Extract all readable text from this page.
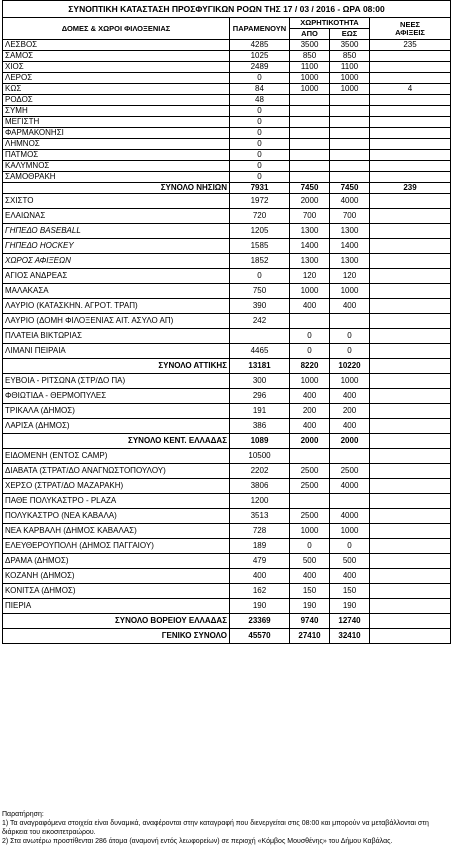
ΣΥΝΟΠΤΙΚΗ ΚΑΤΑΣΤΑΣΗ ΠΡΟΣΦΥΓΙΚΩΝ ΡΟΩΝ ΤΗΣ 17 / 03 / 2016 - ΩΡΑ 08:00				
ΔΟΜΕΣ & ΧΩΡΟΙ ΦΙΛΟΞΕΝΙΑΣ	ΠΑΡΑΜΕΝΟΥΝ	ΧΩΡΗΤΙΚΟΤΗΤΑ		ΝΕΕΣ
ΑΦΙΞΕΙΣ
		ΑΠΟ	ΕΩΣ	
ΛΕΣΒΟΣ	4285	3500	3500	235
ΣΑΜΟΣ	1025	850	850	
ΧΙΟΣ	2489	1100	1100	
ΛΕΡΟΣ	0	1000	1000	
ΚΩΣ	84	1000	1000	4
ΡΟΔΟΣ	48			
ΣΥΜΗ	0			
ΜΕΓΙΣΤΗ	0			
ΦΑΡΜΑΚΟΝΗΣΙ	0			
ΛΗΜΝΟΣ	0			
ΠΑΤΜΟΣ	0			
ΚΑΛΥΜΝΟΣ	0			
ΣΑΜΟΘΡΑΚΗ	0			
ΣΥΝΟΛΟ ΝΗΣΙΩΝ	7931	7450	7450	239
ΣΧΙΣΤΟ	1972	2000	4000	
ΕΛΑΙΩΝΑΣ	720	700	700	
ΓΗΠΕΔΟ BASEBALL	1205	1300	1300	
ΓΗΠΕΔΟ HOCKEY	1585	1400	1400	
ΧΩΡΟΣ ΑΦΙΞΕΩΝ	1852	1300	1300	
ΑΓΙΟΣ ΑΝΔΡΕΑΣ	0	120	120	
ΜΑΛΑΚΑΣΑ	750	1000	1000	
ΛΑΥΡΙΟ (ΚΑΤΑΣΚΗΝ. ΑΓΡΟΤ. ΤΡΑΠ)	390	400	400	
ΛΑΥΡΙΟ (ΔΟΜΗ ΦΙΛΟΞΕΝΙΑΣ ΑΙΤ. ΑΣΥΛΟ ΑΠ)	242			
ΠΛΑΤΕΙΑ ΒΙΚΤΩΡΙΑΣ		0	0	
ΛΙΜΑΝΙ ΠΕΙΡΑΙΑ	4465	0	0	
ΣΥΝΟΛΟ ΑΤΤΙΚΗΣ	13181	8220	10220	
ΕΥΒΟΙΑ - ΡΙΤΣΩΝΑ (ΣΤΡ/ΔΟ ΠΑ)	300	1000	1000	
ΦΘΙΩΤΙΔΑ - ΘΕΡΜΟΠΥΛΕΣ	296	400	400	
ΤΡΙΚΑΛΑ (ΔΗΜΟΣ)	191	200	200	
ΛΑΡΙΣΑ (ΔΗΜΟΣ)	386	400	400	
ΣΥΝΟΛΟ ΚΕΝΤ. ΕΛΛΑΔΑΣ	1089	2000	2000	
ΕΙΔΟΜΕΝΗ (ΕΝΤΟΣ CAMP)	10500			
ΔΙΑΒΑΤΑ (ΣΤΡΑΤ/ΔΟ ΑΝΑΓΝΩΣΤΟΠΟΥΛΟΥ)	2202	2500	2500	
ΧΕΡΣΟ (ΣΤΡΑΤ/ΔΟ ΜΑΖΑΡΑΚΗ)	3806	2500	4000	
ΠΑΘΕ ΠΟΛΥΚΑΣΤΡΟ - PLAZA	1200			
ΠΟΛΥΚΑΣΤΡΟ (ΝΕΑ ΚΑΒΑΛΑ)	3513	2500	4000	
ΝΕΑ ΚΑΡΒΑΛΗ (ΔΗΜΟΣ ΚΑΒΑΛΑΣ)	728	1000	1000	
ΕΛΕΥΘΕΡΟΥΠΟΛΗ (ΔΗΜΟΣ ΠΑΓΓΑΙΟΥ)	189	0	0	
ΔΡΑΜΑ (ΔΗΜΟΣ)	479	500	500	
ΚΟΖΑΝΗ (ΔΗΜΟΣ)	400	400	400	
ΚΟΝΙΤΣΑ (ΔΗΜΟΣ)	162	150	150	
ΠΙΕΡΙΑ	190	190	190	
ΣΥΝΟΛΟ ΒΟΡΕΙΟΥ ΕΛΛΑΔΑΣ	23369	9740	12740	
ΓΕΝΙΚΟ ΣΥΝΟΛΟ	45570	27410	32410	
Παρατήρηση:
1) Τα αναγραφόμενα στοιχεία είναι δυναμικά, αναφέρονται στην καταγραφή που διενεργείται στις 08:00 και μπορούν να μεταβάλλονται στη διάρκεια του εικοσιτετραώρου.
2) Στα ανωτέρω προστίθενται 286 άτομα (αναμονή εντός λεωφορείων) σε περιοχή «Κόμβος Μουσθένης» του Δήμου Καβάλας.
